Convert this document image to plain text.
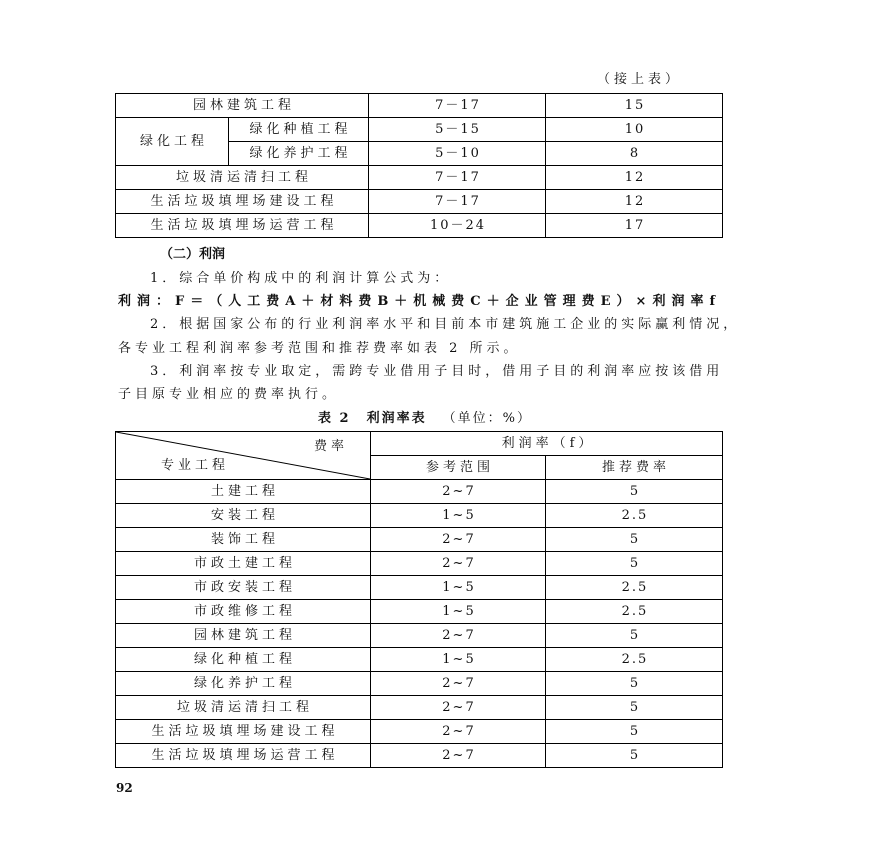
（接上表）
园林建筑工程		7－17	15
绿化工程	绿化种植工程	5－15	10
	绿化养护工程	5－10	8
垃圾清运清扫工程		7－17	12
生活垃圾填埋场建设工程		7－17	12
生活垃圾填埋场运营工程		10－24	17
（二）利润
1．综合单价构成中的利润计算公式为：
利润：F＝（人工费A＋材料费B＋机械费C＋企业管理费E）×利润率f
2．根据国家公布的行业利润率水平和目前本市建筑施工企业的实际赢利情况，
各专业工程利润率参考范围和推荐费率如表 2 所示。
3．利润率按专业取定，需跨专业借用子目时，借用子目的利润率应按该借用
子目原专业相应的费率执行。
表 2 利润率表 （单位：%）
费率
专业工程	利润率（f）	
	参考范围	推荐费率
土建工程	2~7	5
安装工程	1~5	2.5
装饰工程	2~7	5
市政土建工程	2~7	5
市政安装工程	1~5	2.5
市政维修工程	1~5	2.5
园林建筑工程	2~7	5
绿化种植工程	1~5	2.5
绿化养护工程	2~7	5
垃圾清运清扫工程	2~7	5
生活垃圾填埋场建设工程	2~7	5
生活垃圾填埋场运营工程	2~7	5
92
